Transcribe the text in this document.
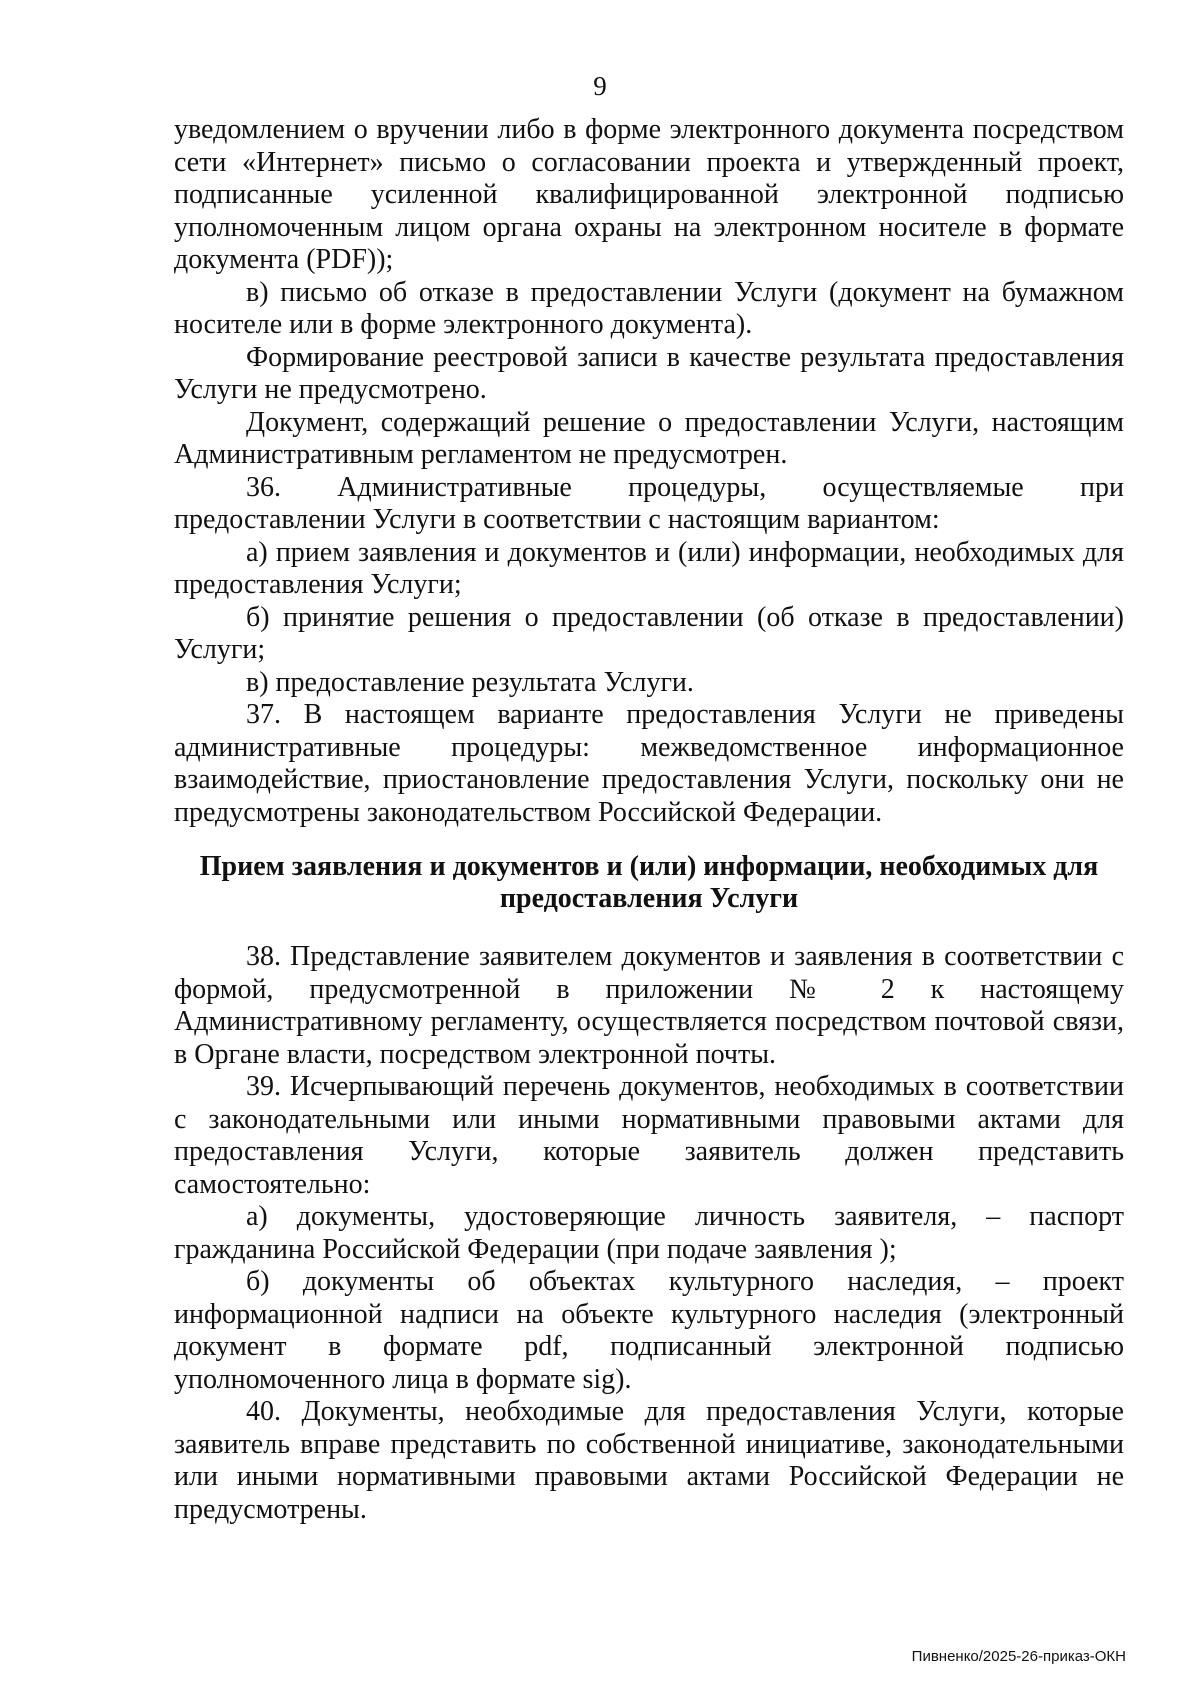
9

уведомлением о вручении либо в форме электронного документа посредством сети «Интернет» письмо о согласовании проекта и утвержденный проект, подписанные усиленной квалифицированной электронной подписью уполномоченным лицом органа охраны на электронном носителе в формате документа (PDF));

в) письмо об отказе в предоставлении Услуги (документ на бумажном носителе или в форме электронного документа).

Формирование реестровой записи в качестве результата предоставления Услуги не предусмотрено.

Документ, содержащий решение о предоставлении Услуги, настоящим Административным регламентом не предусмотрен.

36. Административные процедуры, осуществляемые при предоставлении Услуги в соответствии с настоящим вариантом:

а) прием заявления и документов и (или) информации, необходимых для предоставления Услуги;

б) принятие решения о предоставлении (об отказе в предоставлении) Услуги;

в) предоставление результата Услуги.

37. В настоящем варианте предоставления Услуги не приведены административные процедуры: межведомственное информационное взаимодействие, приостановление предоставления Услуги, поскольку они не предусмотрены законодательством Российской Федерации.

Прием заявления и документов и (или) информации, необходимых для
предоставления Услуги

38. Представление заявителем документов и заявления в соответствии с формой, предусмотренной в приложении № 2 к настоящему Административному регламенту, осуществляется посредством почтовой связи, в Органе власти, посредством электронной почты.

39. Исчерпывающий перечень документов, необходимых в соответствии с законодательными или иными нормативными правовыми актами для предоставления Услуги, которые заявитель должен представить самостоятельно:

а) документы, удостоверяющие личность заявителя, – паспорт гражданина Российской Федерации (при подаче заявления );

б) документы об объектах культурного наследия, – проект информационной надписи на объекте культурного наследия (электронный документ в формате pdf, подписанный электронной подписью уполномоченного лица в формате sig).

40. Документы, необходимые для предоставления Услуги, которые заявитель вправе представить по собственной инициативе, законодательными или иными нормативными правовыми актами Российской Федерации не предусмотрены.

Пивненко/2025-26-приказ-ОКН
